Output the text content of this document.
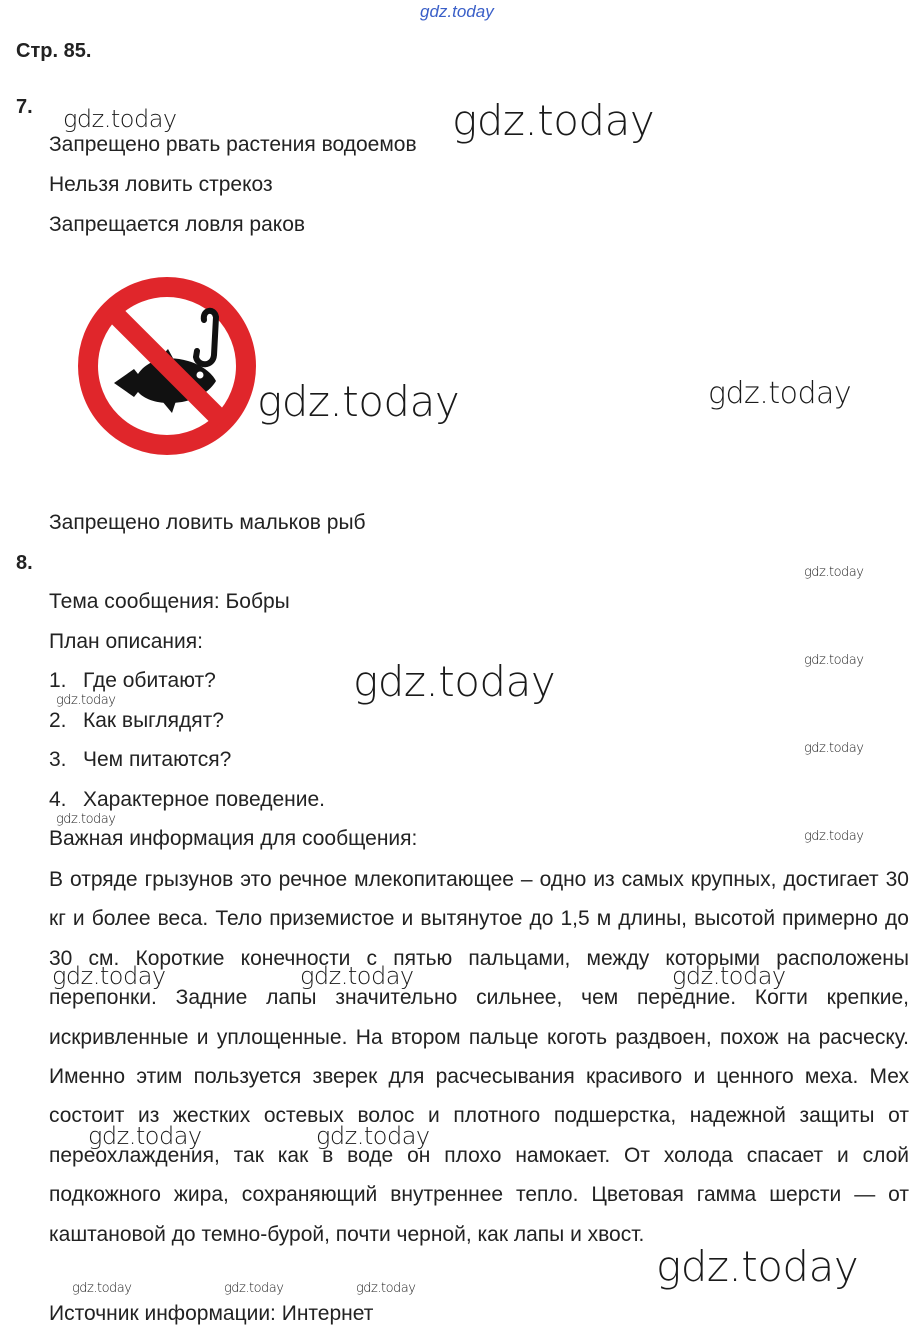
gdz.today
Стр. 85.
7.
Запрещено рвать растения водоемов
Нельзя ловить стрекоз
Запрещается ловля раков
Запрещено ловить мальков рыб
8.
Тема сообщения: Бобры
План описания:
1. Где обитают?
2. Как выглядят?
3. Чем питаются?
4. Характерное поведение.
Важная информация для сообщения:
В отряде грызунов это речное млекопитающее – одно из самых крупных, достигает 30 кг и более веса. Тело приземистое и вытянутое до 1,5 м длины, высотой примерно до 30 см. Короткие конечности с пятью пальцами, между которыми расположены перепонки. Задние лапы значительно сильнее, чем передние. Когти крепкие, искривленные и уплощенные. На втором пальце коготь раздвоен, похож на расческу. Именно этим пользуется зверек для расчесывания красивого и ценного меха. Мех состоит из жестких остевых волос и плотного подшерстка, надежной защиты от переохлаждения, так как в воде он плохо намокает. От холода спасает и слой подкожного жира, сохраняющий внутреннее тепло. Цветовая гамма шерсти — от каштановой до темно-бурой, почти черной, как лапы и хвост.
Источник информации: Интернет
gdz.today	gdz.today
gdz.today	gdz.today
gdz.today
gdz.today
gdz.today
gdz.today
gdz.today
gdz.today
gdz.today
gdz.today	gdz.today	gdz.today
gdz.today	gdz.today
gdz.today
gdz.today	gdz.today	gdz.today
